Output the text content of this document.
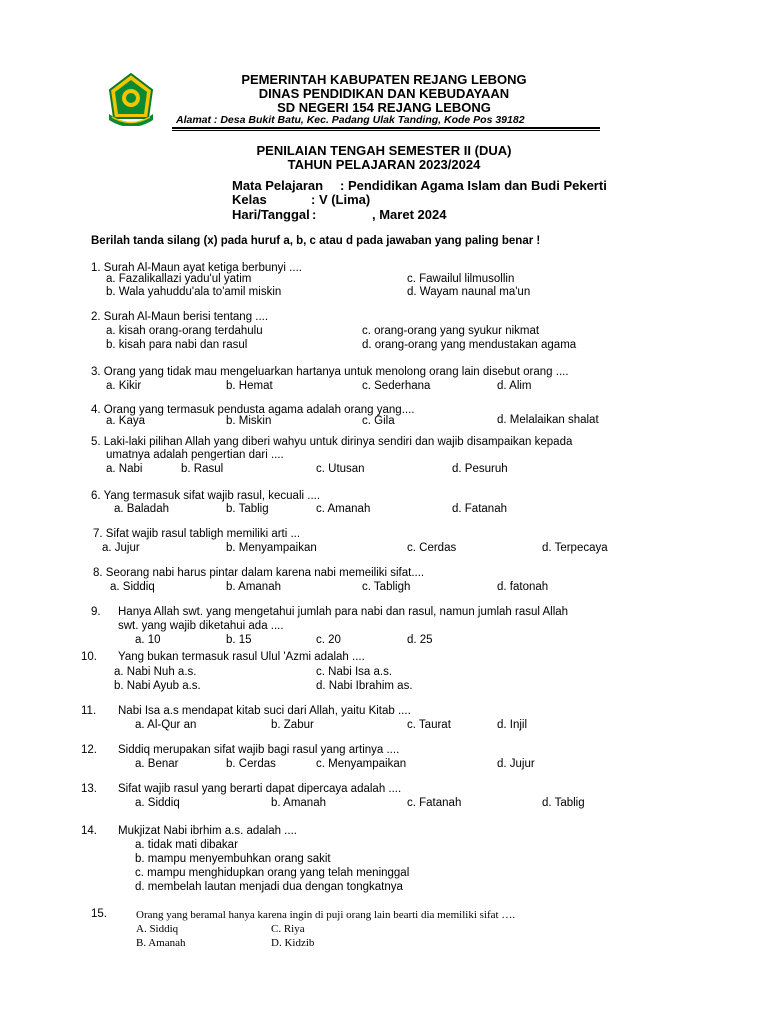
PEMERINTAH KABUPATEN REJANG LEBONG
DINAS PENDIDIKAN DAN KEBUDAYAAN
SD NEGERI 154 REJANG LEBONG
Alamat : Desa Bukit Batu, Kec. Padang Ulak Tanding, Kode Pos 39182
PENILAIAN TENGAH SEMESTER II (DUA)
TAHUN PELAJARAN 2023/2024
Mata Pelajaran : Pendidikan Agama Islam dan Budi Pekerti
Kelas	: V (Lima)
Hari/Tanggal :	, Maret 2024
Berilah tanda silang (x) pada huruf a, b, c atau d pada jawaban yang paling benar !
1. Surah Al-Maun ayat ketiga berbunyi ....
a. Fazalikallazi yadu'ul yatim
b. Wala yahuddu'ala to'amil miskin
c. Fawailul lilmusollin
d. Wayam naunal ma'un
2. Surah Al-Maun berisi tentang ....
a. kisah orang-orang terdahulu
b. kisah para nabi dan rasul
c. orang-orang yang syukur nikmat
d. orang-orang yang mendustakan agama
3. Orang yang tidak mau mengeluarkan hartanya untuk menolong orang lain disebut orang ....
a. Kikir	b. Hemat	c. Sederhana	d. Alim
4. Orang yang termasuk pendusta agama adalah orang yang....
a. Kaya	b. Miskin	c. Gila	d. Melalaikan shalat
5. Laki-laki pilihan Allah yang diberi wahyu untuk dirinya sendiri dan wajib disampaikan kepada
umatnya adalah pengertian dari ....
a. Nabi	b. Rasul	c. Utusan	d. Pesuruh
6. Yang termasuk sifat wajib rasul, kecuali ....
a. Baladah	b. Tablig	c. Amanah	d. Fatanah
7. Sifat wajib rasul tabligh memiliki arti ...
a. Jujur	b. Menyampaikan	c. Cerdas	d. Terpecaya
8. Seorang nabi harus pintar dalam karena nabi memeiliki sifat....
a. Siddiq	b. Amanah	c. Tabligh	d. fatonah
9. Hanya Allah swt. yang mengetahui jumlah para nabi dan rasul, namun jumlah rasul Allah
swt. yang wajib diketahui ada ....
a. 10	b. 15	c. 20	d. 25
10. Yang bukan termasuk rasul Ulul 'Azmi adalah ....
a. Nabi Nuh a.s.
b. Nabi Ayub a.s.
c. Nabi Isa a.s.
d. Nabi Ibrahim as.
11. Nabi Isa a.s mendapat kitab suci dari Allah, yaitu Kitab ....
a. Al-Qur an	b. Zabur	c. Taurat	d. Injil
12. Siddiq merupakan sifat wajib bagi rasul yang artinya ....
a. Benar	b. Cerdas	c. Menyampaikan	d. Jujur
13. Sifat wajib rasul yang berarti dapat dipercaya adalah ....
a. Siddiq	b. Amanah	c. Fatanah	d. Tablig
14. Mukjizat Nabi ibrhim a.s. adalah ....
a. tidak mati dibakar
b. mampu menyembuhkan orang sakit
c. mampu menghidupkan orang yang telah meninggal
d. membelah lautan menjadi dua dengan tongkatnya
15.	Orang yang beramal hanya karena ingin di puji orang lain bearti dia memiliki sifat ….
A. Siddiq
B. Amanah
C. Riya
D. Kidzib
